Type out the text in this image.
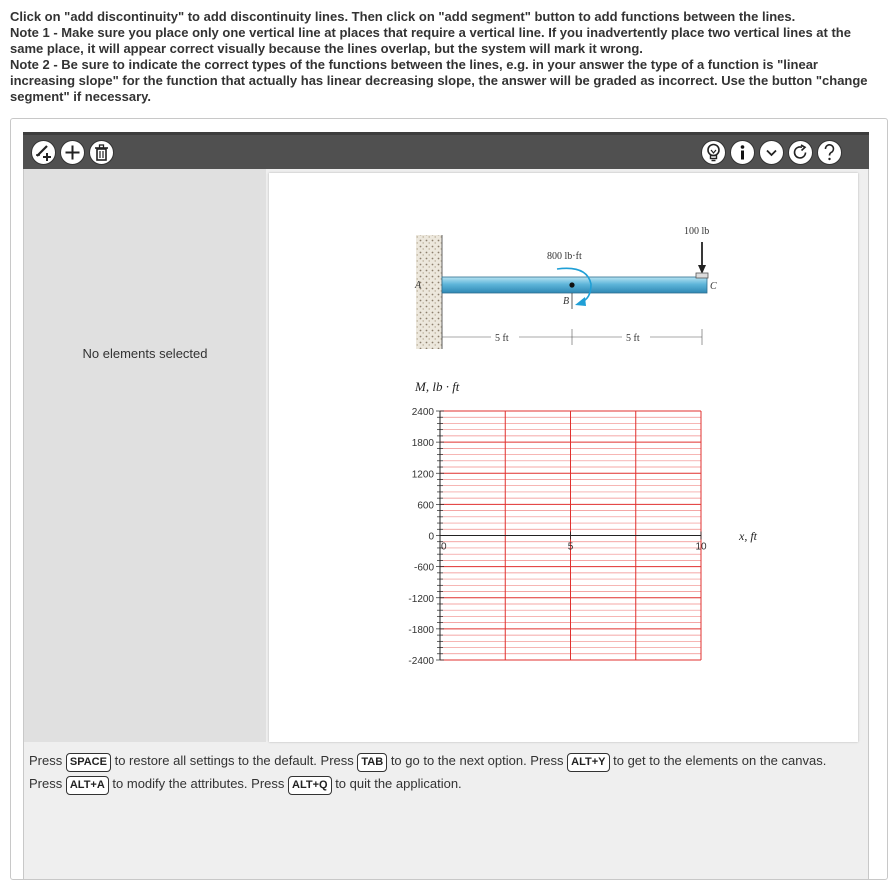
Click on "add discontinuity" to add discontinuity lines. Then click on "add segment" button to add functions between the lines.

Note 1 - Make sure you place only one vertical line at places that require a vertical line. If you inadvertently place two vertical lines at the same place, it will appear correct visually because the lines overlap, but the system will mark it wrong.

Note 2 - Be sure to indicate the correct types of the functions between the lines, e.g. in your answer the type of a function is "linear increasing slope" for the function that actually has linear decreasing slope, the answer will be graded as incorrect. Use the button "change segment" if necessary.

No elements selected
A
B
800 lb·ft
100 lb
C
5 ft	5 ft
M, lb · ft
x, ft
2400
1800
1200
600
0
-600
-1200
-1800
-2400
0	5	10
Press SPACE to restore all settings to the default. Press TAB to go to the next option. Press ALT+Y to get to the elements on the canvas. Press ALT+A to modify the attributes. Press ALT+Q to quit the application.
